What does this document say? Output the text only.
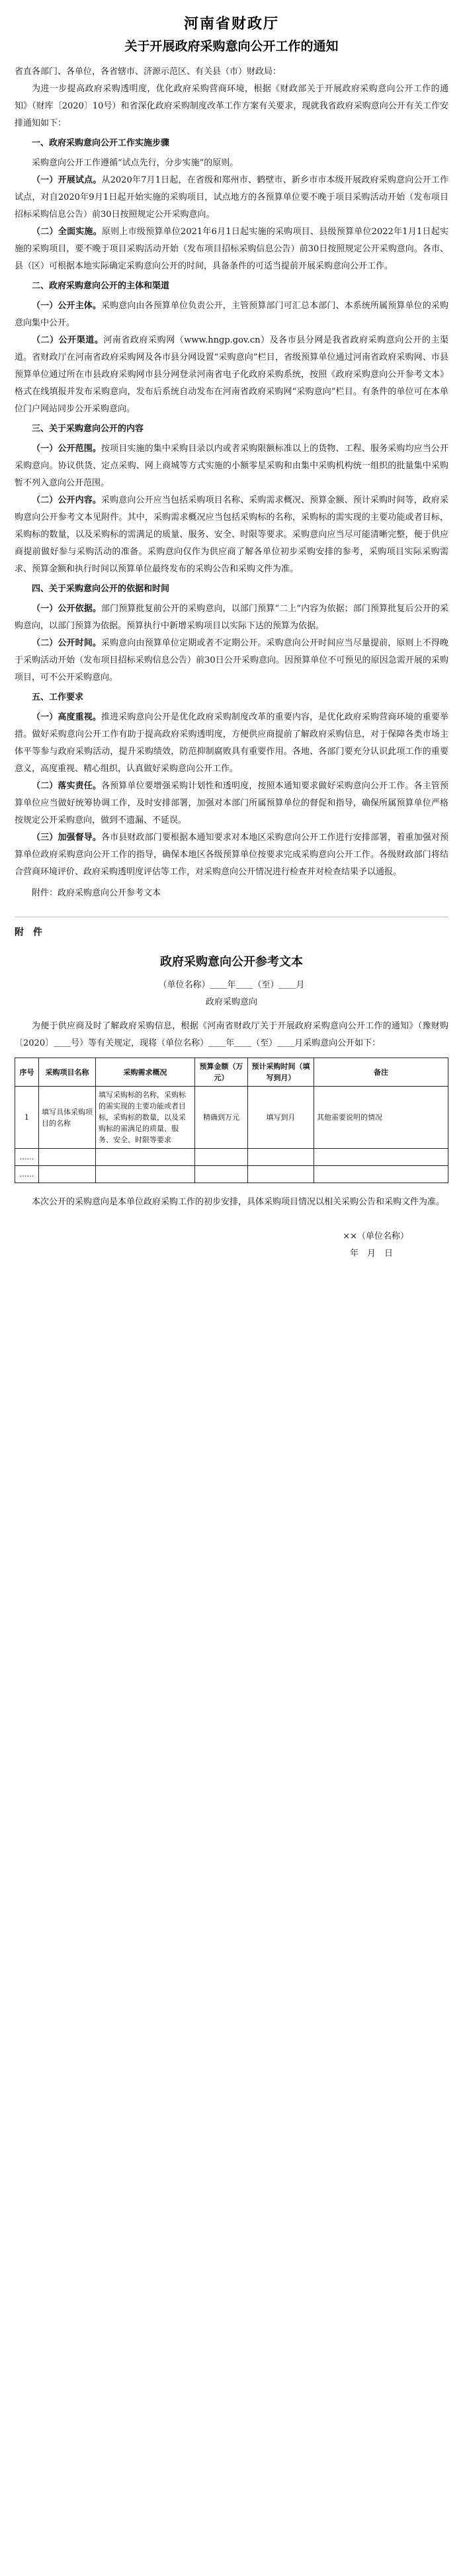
河南省财政厅
关于开展政府采购意向公开工作的通知

省直各部门、各单位，各省辖市、济源示范区、有关县（市）财政局：

为进一步提高政府采购透明度，优化政府采购营商环境，根据《财政部关于开展政府采购意向公开工作的通知》（财库〔2020〕10号）和省深化政府采购制度改革工作方案有关要求，现就我省政府采购意向公开有关工作安排通知如下：

一、政府采购意向公开工作实施步骤

采购意向公开工作遵循“试点先行，分步实施”的原则。

（一）开展试点。从2020年7月1日起，在省级和郑州市、鹤壁市、新乡市市本级开展政府采购意向公开工作试点，对自2020年9月1日起开始实施的采购项目，试点地方的各预算单位要不晚于项目采购活动开始（发布项目招标采购信息公告）前30日按照规定公开采购意向。

（二）全面实施。原则上市级预算单位2021年6月1日起实施的采购项目、县级预算单位2022年1月1日起实施的采购项目，要不晚于项目采购活动开始（发布项目招标采购信息公告）前30日按照规定公开采购意向。各市、县（区）可根据本地实际确定采购意向公开的时间，具备条件的可适当提前开展采购意向公开工作。

二、政府采购意向公开的主体和渠道

（一）公开主体。采购意向由各预算单位负责公开，主管预算部门可汇总本部门、本系统所属预算单位的采购意向集中公开。

（二）公开渠道。河南省政府采购网（www.hngp.gov.cn）及各市县分网是我省政府采购意向公开的主渠道。省财政厅在河南省政府采购网及各市县分网设置“采购意向”栏目，省级预算单位通过河南省政府采购网、市县预算单位通过所在市县政府采购网市县分网登录河南省电子化政府采购系统，按照《政府采购意向公开参考文本》格式在线填报并发布采购意向，发布后系统自动发布在河南省政府采购网“采购意向”栏目。有条件的单位可在本单位门户网站同步公开采购意向。

三、关于采购意向公开的内容

（一）公开范围。按项目实施的集中采购目录以内或者采购限额标准以上的货物、工程、服务采购均应当公开采购意向。协议供货、定点采购、网上商城等方式实施的小额零星采购和由集中采购机构统一组织的批量集中采购暂不列入意向公开范围。

（二）公开内容。采购意向公开应当包括采购项目名称、采购需求概况、预算金额、预计采购时间等，政府采购意向公开参考文本见附件。其中，采购需求概况应当包括采购标的名称，采购标的需实现的主要功能或者目标，采购标的数量，以及采购标的需满足的质量、服务、安全、时限等要求。采购意向应当尽可能清晰完整，便于供应商提前做好参与采购活动的准备。采购意向仅作为供应商了解各单位初步采购安排的参考，采购项目实际采购需求、预算金额和执行时间以预算单位最终发布的采购公告和采购文件为准。

四、关于采购意向公开的依据和时间

（一）公开依据。部门预算批复前公开的采购意向，以部门预算“二上”内容为依据；部门预算批复后公开的采购意向，以部门预算为依据。预算执行中新增采购项目以实际下达的预算为依据。

（二）公开时间。采购意向由预算单位定期或者不定期公开。采购意向公开时间应当尽量提前，原则上不得晚于采购活动开始（发布项目招标采购信息公告）前30日公开采购意向。因预算单位不可预见的原因急需开展的采购项目，可不公开采购意向。

五、工作要求

（一）高度重视。推进采购意向公开是优化政府采购制度改革的重要内容，是优化政府采购营商环境的重要举措。做好采购意向公开工作有助于提高政府采购透明度，方便供应商提前了解政府采购信息，对于保障各类市场主体平等参与政府采购活动，提升采购绩效，防范抑制腐败具有重要作用。各地、各部门要充分认识此项工作的重要意义，高度重视、精心组织，认真做好采购意向公开工作。

（二）落实责任。各预算单位要增强采购计划性和透明度，按照本通知要求做好采购意向公开工作。各主管预算单位应当做好统筹协调工作，及时安排部署，加强对本部门所属预算单位的督促和指导，确保所属预算单位严格按规定公开采购意向，做到不遗漏、不延误。

（三）加强督导。各市县财政部门要根据本通知要求对本地区采购意向公开工作进行安排部署，着重加强对预算单位政府采购意向公开工作的指导，确保本地区各级预算单位按要求完成采购意向公开工作。各级财政部门将结合营商环境评价、政府采购透明度评估等工作，对采购意向公开情况进行检查并对检查结果予以通报。

附件：政府采购意向公开参考文本

附　件
政府采购意向公开参考文本
（单位名称）＿＿年＿＿（至）＿＿月
政府采购意向

为便于供应商及时了解政府采购信息，根据《河南省财政厅关于开展政府采购意向公开工作的通知》（豫财购〔2020〕＿＿号）等有关规定，现将（单位名称）＿＿年＿＿（至）＿＿月采购意向公开如下：

序号	采购项目名称	采购需求概况	预算金额（万元）	预计采购时间（填写到月）	备注
1	填写具体采购项目的名称	填写采购标的名称，采购标的需实现的主要功能或者目标，采购标的数量，以及采购标的需满足的质量、服务、安全、时限等要求	精确到万元	填写到月	其他需要说明的情况
……					
……					

本次公开的采购意向是本单位政府采购工作的初步安排，具体采购项目情况以相关采购公告和采购文件为准。

××（单位名称）
年　月　日
